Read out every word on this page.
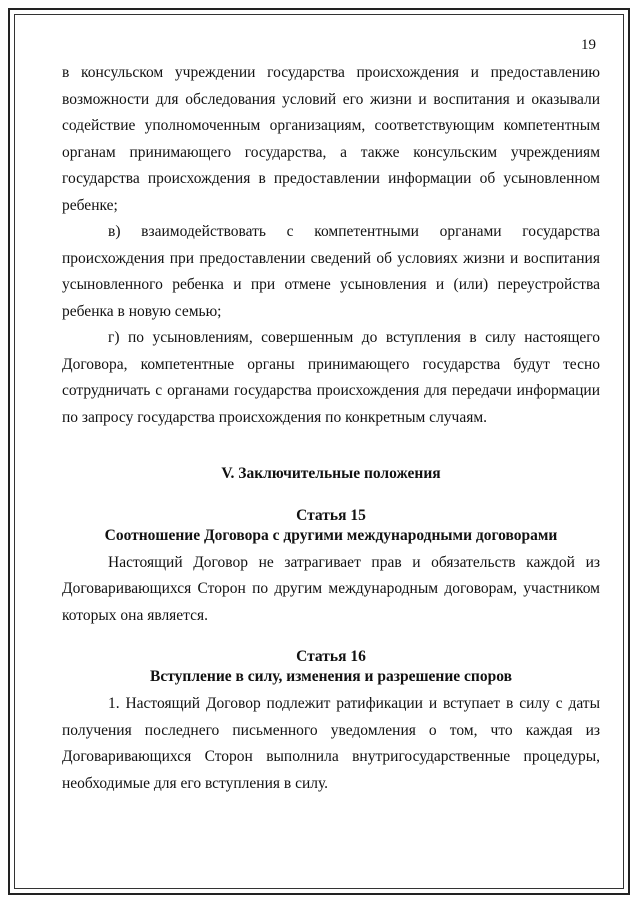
19

в консульском учреждении государства происхождения и предоставлению возможности для обследования условий его жизни и воспитания и оказывали содействие уполномоченным организациям, соответствующим компетентным органам принимающего государства, а также консульским учреждениям государства происхождения в предоставлении информации об усыновленном ребенке;

в) взаимодействовать с компетентными органами государства происхождения при предоставлении сведений об условиях жизни и воспитания усыновленного ребенка и при отмене усыновления и (или) переустройства ребенка в новую семью;

г) по усыновлениям, совершенным до вступления в силу настоящего Договора, компетентные органы принимающего государства будут тесно сотрудничать с органами государства происхождения для передачи информации по запросу государства происхождения по конкретным случаям.

V. Заключительные положения
Статья 15
Соотношение Договора с другими международными договорами

Настоящий Договор не затрагивает прав и обязательств каждой из Договаривающихся Сторон по другим международным договорам, участником которых она является.

Статья 16
Вступление в силу, изменения и разрешение споров

1. Настоящий Договор подлежит ратификации и вступает в силу с даты получения последнего письменного уведомления о том, что каждая из Договаривающихся Сторон выполнила внутригосударственные процедуры, необходимые для его вступления в силу.
